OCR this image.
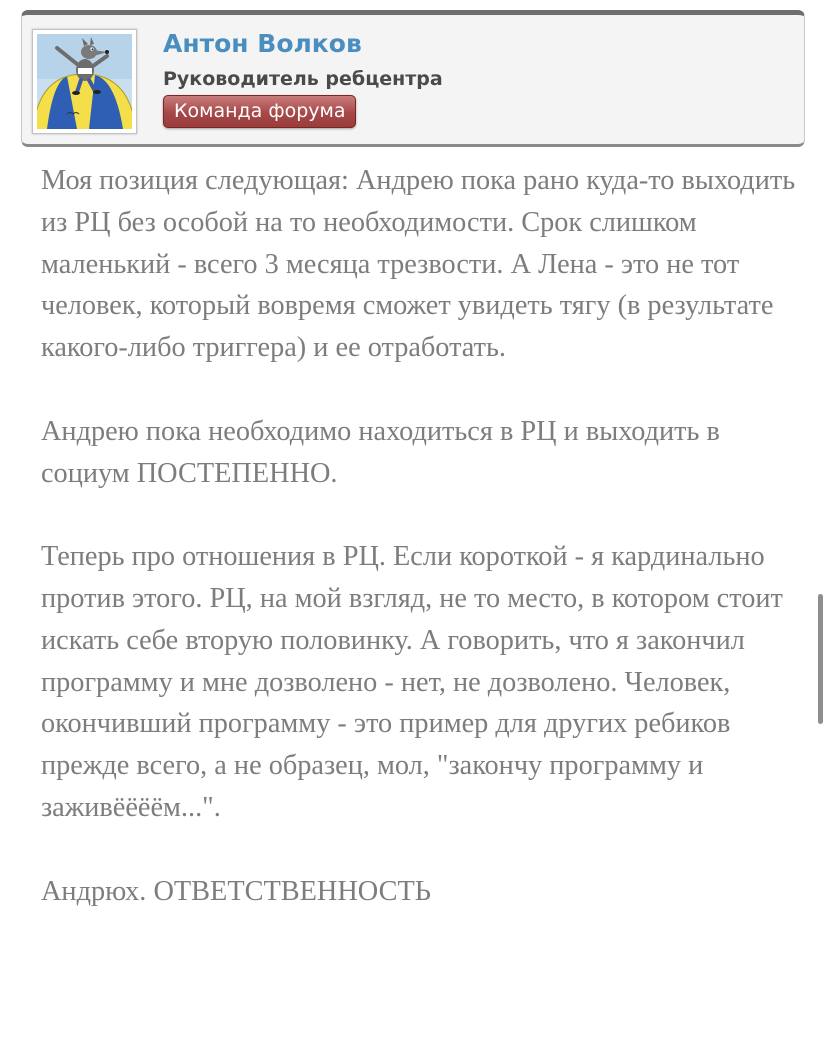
Антон Волков
Руководитель ребцентра
Команда форума

Моя позиция следующая: Андрею пока рано куда-то выходить из РЦ без особой на то необходимости. Срок слишком маленький - всего 3 месяца трезвости. А Лена - это не тот человек, который вовремя сможет увидеть тягу (в результате какого-либо триггера) и ее отработать.

Андрею пока необходимо находиться в РЦ и выходить в социум ПОСТЕПЕННО.

Теперь про отношения в РЦ. Если короткой - я кардинально против этого. РЦ, на мой взгляд, не то место, в котором стоит искать себе вторую половинку. А говорить, что я закончил программу и мне дозволено - нет, не дозволено. Человек, окончивший программу - это пример для других ребиков прежде всего, а не образец, мол, "закончу программу и заживёёёём...".

Андрюх. ОТВЕТСТВЕННОСТЬ
